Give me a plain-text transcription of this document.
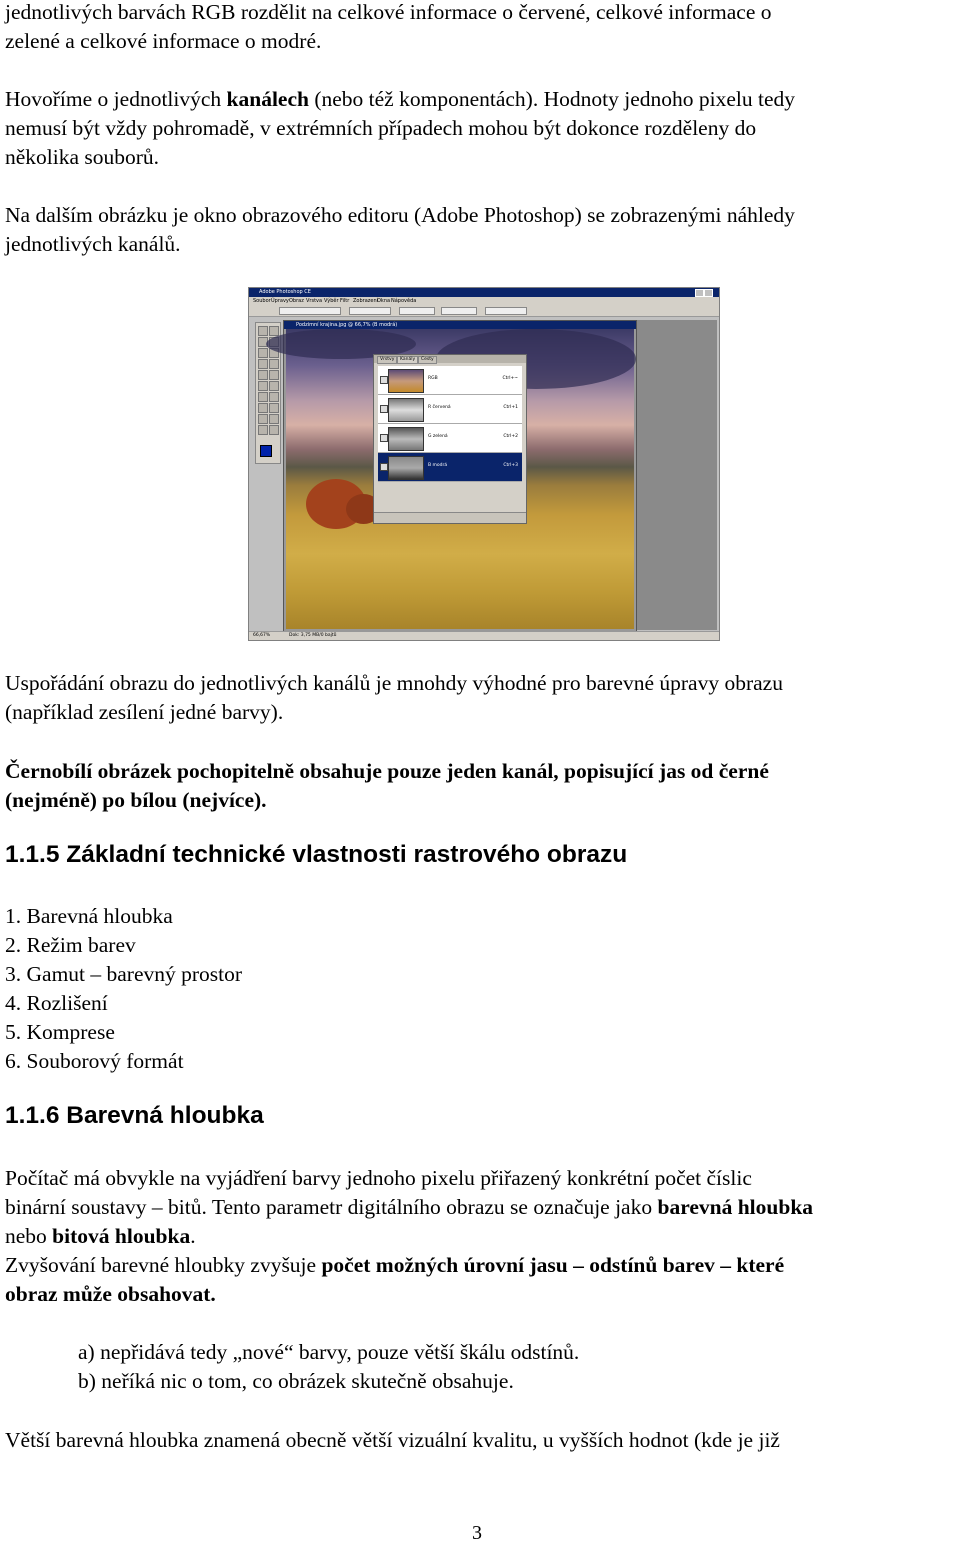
jednotlivých barvách RGB rozdělit na celkové informace o červené, celkové informace o

zelené a celkové informace o modré.

Hovoříme o jednotlivých kanálech (nebo též komponentách). Hodnoty jednoho pixelu tedy

nemusí být vždy pohromadě, v extrémních případech mohou být dokonce rozděleny do

několika souborů.

Na dalším obrázku je okno obrazového editoru (Adobe Photoshop) se zobrazenými náhledy

jednotlivých kanálů.

Adobe Photoshop CE
Soubor Úpravy Obraz Vrstva Výběr Filtr Zobrazení
Okna Nápověda
Podzimní krajina.jpg @ 66,7% (B modrá)
Vrstvy	Kanály	Cesty
RGB	Ctrl+~
R červená	Ctrl+1
G zelená	Ctrl+2
B modrá	Ctrl+3
66,67%	Dok: 3,75 MB/0 bajtů

Uspořádání obrazu do jednotlivých kanálů je mnohdy výhodné pro barevné úpravy obrazu

(například zesílení jedné barvy).

Černobílí obrázek pochopitelně obsahuje pouze jeden kanál, popisující jas od černé

(nejméně) po bílou (nejvíce).

1.1.5 Základní technické vlastnosti rastrového obrazu
1. Barevná hloubka
2. Režim barev
3. Gamut – barevný prostor
4. Rozlišení
5. Komprese
6. Souborový formát
1.1.6 Barevná hloubka

Počítač má obvykle na vyjádření barvy jednoho pixelu přiřazený konkrétní počet číslic

binární soustavy – bitů. Tento parametr digitálního obrazu se označuje jako barevná hloubka

nebo bitová hloubka.

Zvyšování barevné hloubky zvyšuje počet možných úrovní jasu – odstínů barev – které

obraz může obsahovat.

a) nepřidává tedy „nové“ barvy, pouze větší škálu odstínů.
b) neříká nic o tom, co obrázek skutečně obsahuje.

Větší barevná hloubka znamená obecně větší vizuální kvalitu, u vyšších hodnot (kde je již

3
